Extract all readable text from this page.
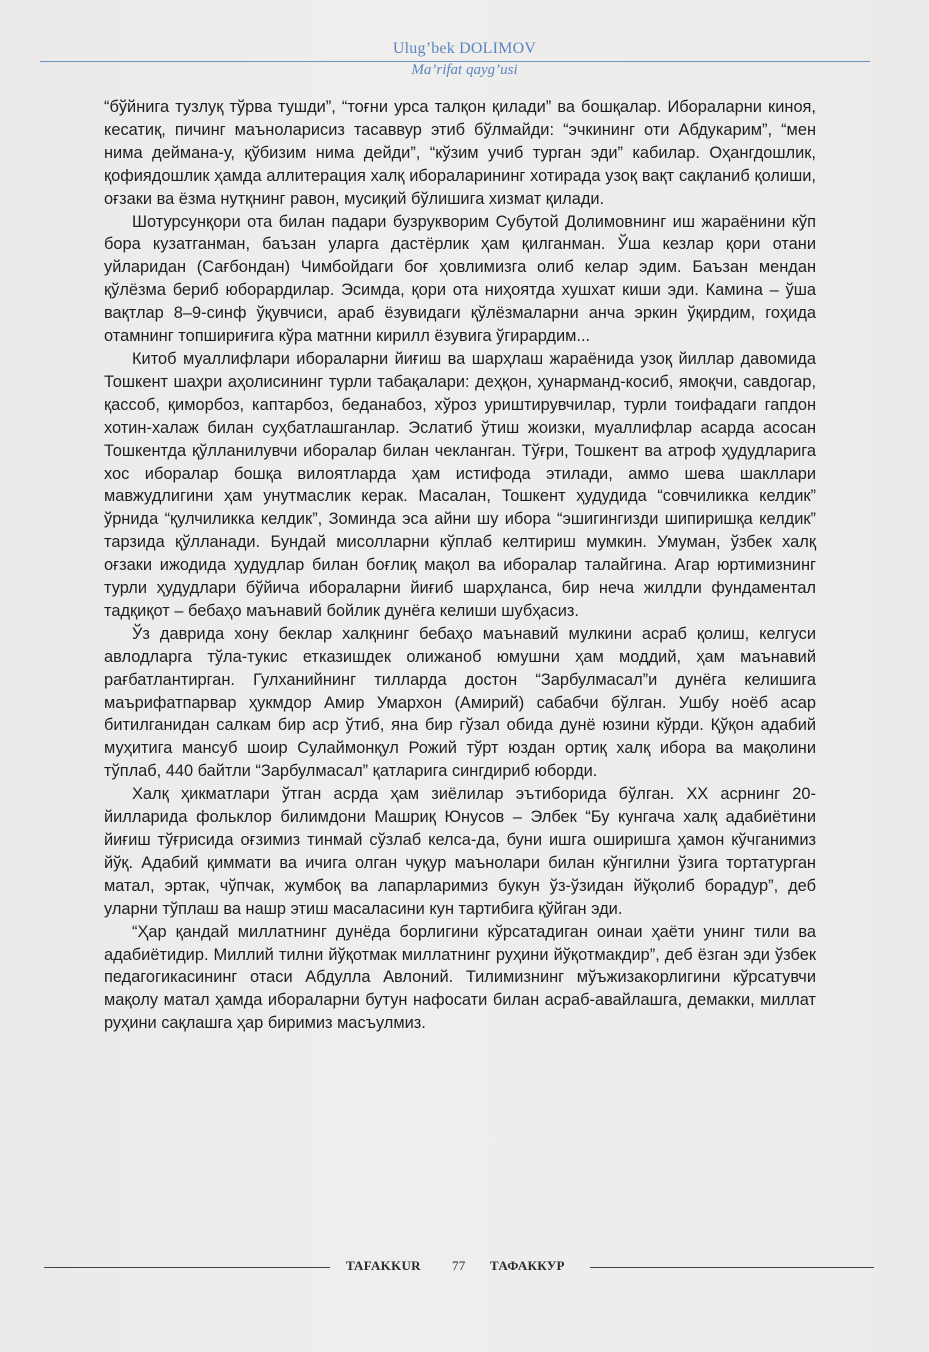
Ulug’bek DOLIMOV
Ma’rifat qayg’usi

“бўйнига тузлуқ тўрва тушди”, “тоғни урса талқон қилади” ва бошқалар. Ибораларни киноя, кесатиқ, пичинг маъноларисиз тасаввур этиб бўлмайди: “эчкининг оти Абдукарим”, “мен нима деймана-у, қўбизим нима дейди”, “кўзим учиб турган эди” кабилар. Оҳангдошлик, қофиядошлик ҳамда аллитерация халқ ибораларининг хотирада узоқ вақт сақланиб қолиши, оғзаки ва ёзма нутқнинг равон, мусиқий бўлишига хизмат қилади.

Шотурсунқори ота билан падари бузрукворим Субутой Долимовнинг иш жараёнини кўп бора кузатганман, баъзан уларга дастёрлик ҳам қилганман. Ўша кезлар қори отани уйларидан (Сағбондан) Чимбойдаги боғ ҳовлимизга олиб келар эдим. Баъзан мендан қўлёзма бериб юборардилар. Эсимда, қори ота ниҳоятда хушхат киши эди. Камина – ўша вақтлар 8–9-синф ўқувчиси, араб ёзувидаги қўлёзмаларни анча эркин ўқирдим, гоҳида отамнинг топшириғига кўра матнни кирилл ёзувига ўгирардим...

Китоб муаллифлари ибораларни йиғиш ва шарҳлаш жараёнида узоқ йиллар давомида Тошкент шаҳри аҳолисининг турли табақалари: деҳқон, ҳунарманд-косиб, ямоқчи, савдогар, қассоб, қиморбоз, каптарбоз, беданабоз, хўроз уриштирувчилар, турли тоифадаги гапдон хотин-халаж билан суҳбатлашганлар. Эслатиб ўтиш жоизки, муаллифлар асарда асосан Тошкентда қўлланилувчи иборалар билан чекланган. Тўғри, Тошкент ва атроф ҳудудларига хос иборалар бошқа вилоятларда ҳам истифода этилади, аммо шева шакллари мавжудлигини ҳам унутмаслик керак. Масалан, Тошкент ҳудудида “совчиликка келдик” ўрнида “қулчиликка келдик”, Зоминда эса айни шу ибора “эшигингизди шипиришқа келдик” тарзида қўлланади. Бундай мисолларни кўплаб келтириш мумкин. Умуман, ўзбек халқ оғзаки ижодида ҳудудлар билан боғлиқ мақол ва иборалар талайгина. Агар юртимизнинг турли ҳудудлари бўйича ибораларни йиғиб шарҳланса, бир неча жилдли фундаментал тадқиқот – бебаҳо маънавий бойлик дунёга келиши шубҳасиз.

Ўз даврида хону беклар халқнинг бебаҳо маънавий мулкини асраб қолиш, келгуси авлодларга тўла-тукис етказишдек олижаноб юмушни ҳам моддий, ҳам маънавий рағбатлантирган. Гулханийнинг тилларда достон “Зарбулмасал”и дунёга келишига маърифатпарвар ҳукмдор Амир Умархон (Амирий) сабабчи бўлган. Ушбу ноёб асар битилганидан салкам бир аср ўтиб, яна бир гўзал обида дунё юзини кўрди. Қўқон адабий муҳитига мансуб шоир Сулаймонқул Рожий тўрт юздан ортиқ халқ ибора ва мақолини тўплаб, 440 байтли “Зарбулмасал” қатларига сингдириб юборди.

Халқ ҳикматлари ўтган асрда ҳам зиёлилар эътиборида бўлган. XX асрнинг 20-йилларида фольклор билимдони Машриқ Юнусов – Элбек “Бу кунгача халқ адабиётини йиғиш тўғрисида оғзимиз тинмай сўзлаб келса-да, буни ишга оширишга ҳамон кўчганимиз йўқ. Адабий қиммати ва ичига олган чуқур маънолари билан кўнгилни ўзига тортатурган матал, эртак, чўпчак, жумбоқ ва лапарларимиз букун ўз-ўзидан йўқолиб борадур”, деб уларни тўплаш ва нашр этиш масаласини кун тартибига қўйган эди.

“Ҳар қандай миллатнинг дунёда борлигини кўрсатадиган оинаи ҳаёти унинг тили ва адабиётидир. Миллий тилни йўқотмак миллатнинг руҳини йўқотмакдир”, деб ёзган эди ўзбек педагогикасининг отаси Абдулла Авлоний. Тилимизнинг мўъжизакорлигини кўрсатувчи мақолу матал ҳамда ибораларни бутун нафосати билан асраб-авайлашга, демакки, миллат руҳини сақлашга ҳар биримиз масъулмиз.

TAFAKKUR 77 ТАФАККУР
